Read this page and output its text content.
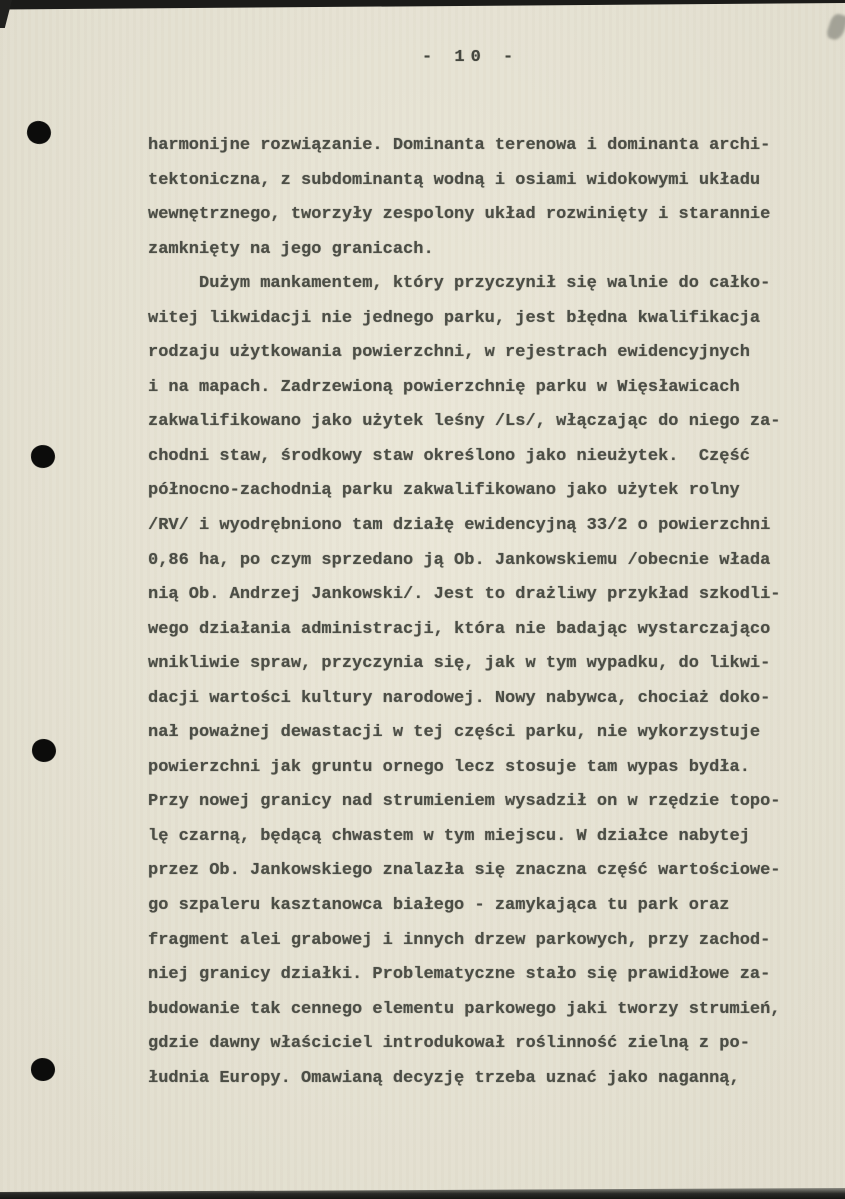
- 10 -
harmonijne rozwiązanie. Dominanta terenowa i dominanta archi-
tektoniczna, z subdominantą wodną i osiami widokowymi układu
wewnętrznego, tworzyły zespolony układ rozwinięty i starannie
zamknięty na jego granicach.
Dużym mankamentem, który przyczynił się walnie do całko-
witej likwidacji nie jednego parku, jest błędna kwalifikacja
rodzaju użytkowania powierzchni, w rejestrach ewidencyjnych
i na mapach. Zadrzewioną powierzchnię parku w Więsławicach
zakwalifikowano jako użytek leśny /Ls/, włączając do niego za-
chodni staw, środkowy staw określono jako nieużytek.  Część
północno-zachodnią parku zakwalifikowano jako użytek rolny
/RV/ i wyodrębniono tam działę ewidencyjną 33/2 o powierzchni
0,86 ha, po czym sprzedano ją Ob. Jankowskiemu /obecnie włada
nią Ob. Andrzej Jankowski/. Jest to drażliwy przykład szkodli-
wego działania administracji, która nie badając wystarczająco
wnikliwie spraw, przyczynia się, jak w tym wypadku, do likwi-
dacji wartości kultury narodowej. Nowy nabywca, chociaż doko-
nał poważnej dewastacji w tej części parku, nie wykorzystuje
powierzchni jak gruntu ornego lecz stosuje tam wypas bydła.
Przy nowej granicy nad strumieniem wysadził on w rzędzie topo-
lę czarną, będącą chwastem w tym miejscu. W działce nabytej
przez Ob. Jankowskiego znalazła się znaczna część wartościowe-
go szpaleru kasztanowca białego - zamykająca tu park oraz
fragment alei grabowej i innych drzew parkowych, przy zachod-
niej granicy działki. Problematyczne stało się prawidłowe za-
budowanie tak cennego elementu parkowego jaki tworzy strumień,
gdzie dawny właściciel introdukował roślinność zielną z po-
łudnia Europy. Omawianą decyzję trzeba uznać jako naganną,
